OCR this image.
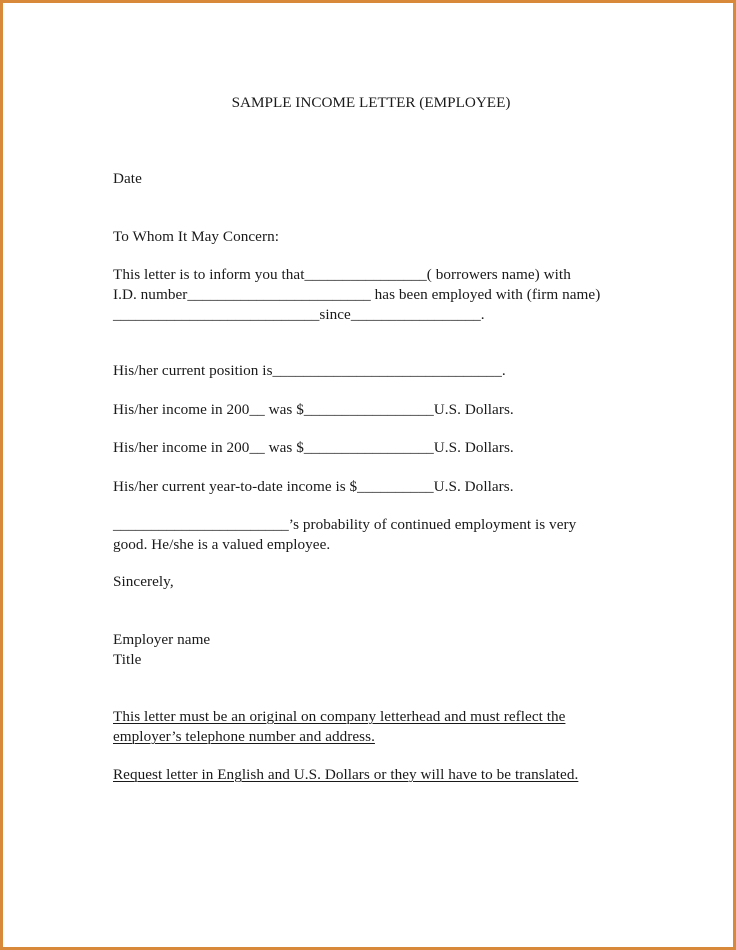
SAMPLE INCOME LETTER (EMPLOYEE)
Date
To Whom It May Concern:
This letter is to inform you that________________( borrowers name) with
I.D. number________________________ has been employed with (firm name)
___________________________since_________________.
His/her current position is______________________________.
His/her income in 200__ was $_________________U.S. Dollars.
His/her income in 200__ was $_________________U.S. Dollars.
His/her current year-to-date income is $__________U.S. Dollars.
_______________________’s probability of continued employment is very
good. He/she is a valued employee.
Sincerely,
Employer name
Title
This letter must be an original on company letterhead and must reflect the
employer’s telephone number and address.
Request letter in English and U.S. Dollars or they will have to be translated.
